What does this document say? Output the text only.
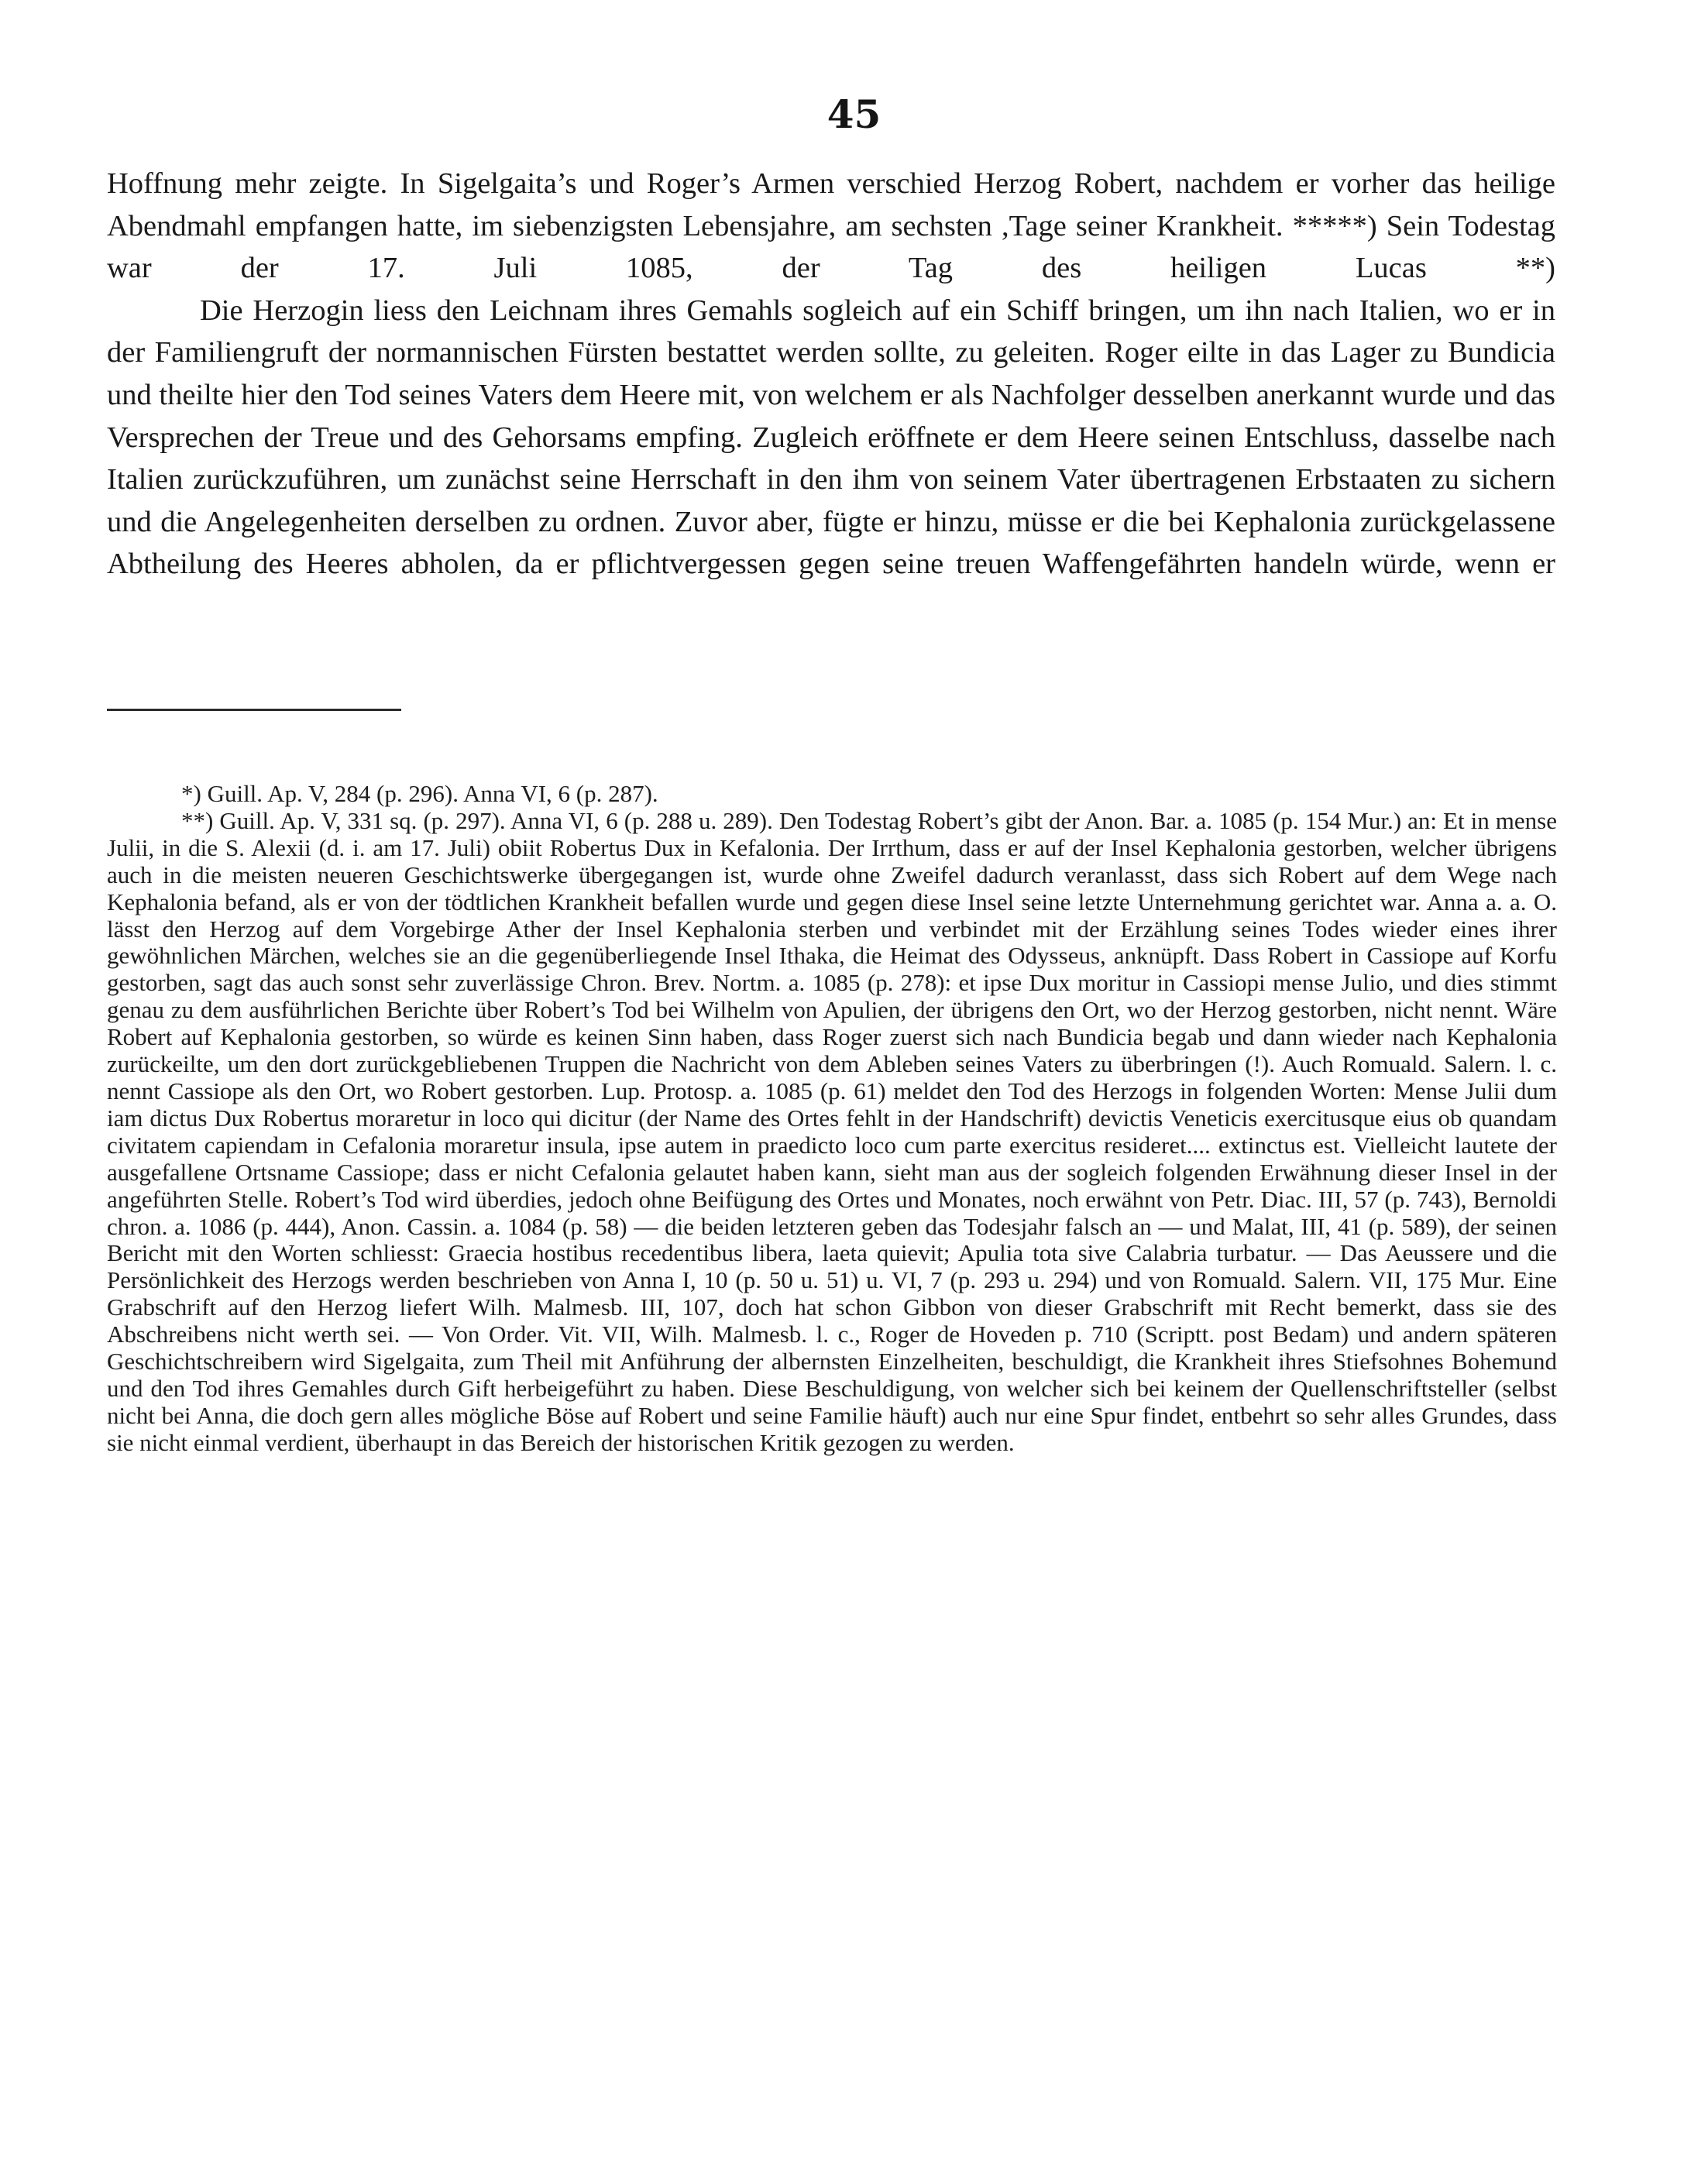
45

Hoffnung mehr zeigte. In Sigelgaita’s und Roger’s Armen verschied Herzog Robert, nachdem er vorher das heilige Abendmahl empfangen hatte, im siebenzigsten Lebensjahre, am sechsten ,Tage seiner Krankheit. *****) Sein Todestag war der 17. Juli 1085, der Tag des heiligen Lucas **)

Die Herzogin liess den Leichnam ihres Gemahls sogleich auf ein Schiff bringen, um ihn nach Italien, wo er in der Familiengruft der normannischen Fürsten bestattet werden sollte, zu geleiten. Roger eilte in das Lager zu Bundicia und theilte hier den Tod seines Vaters dem Heere mit, von welchem er als Nachfolger desselben anerkannt wurde und das Versprechen der Treue und des Gehorsams empfing. Zugleich eröffnete er dem Heere seinen Entschluss, dasselbe nach Italien zurückzuführen, um zunächst seine Herrschaft in den ihm von seinem Vater übertragenen Erbstaaten zu sichern und die Angelegenheiten derselben zu ordnen. Zuvor aber, fügte er hinzu, müsse er die bei Kephalonia zurückgelassene Abtheilung des Heeres abholen, da er pflichtvergessen gegen seine treuen Waffengefährten handeln würde, wenn er

*) Guill. Ap. V, 284 (p. 296). Anna VI, 6 (p. 287).

**) Guill. Ap. V, 331 sq. (p. 297). Anna VI, 6 (p. 288 u. 289). Den Todestag Robert’s gibt der Anon. Bar. a. 1085 (p. 154 Mur.) an: Et in mense Julii, in die S. Alexii (d. i. am 17. Juli) obiit Robertus Dux in Kefalonia. Der Irrthum, dass er auf der Insel Kephalonia gestorben, welcher übrigens auch in die meisten neueren Geschichtswerke übergegangen ist, wurde ohne Zweifel dadurch veranlasst, dass sich Robert auf dem Wege nach Kephalonia befand, als er von der tödtlichen Krankheit befallen wurde und gegen diese Insel seine letzte Unternehmung gerichtet war. Anna a. a. O. lässt den Herzog auf dem Vorgebirge Ather der Insel Kephalonia sterben und verbindet mit der Erzählung seines Todes wieder eines ihrer gewöhnlichen Märchen, welches sie an die gegenüberliegende Insel Ithaka, die Heimat des Odysseus, anknüpft. Dass Robert in Cassiope auf Korfu gestorben, sagt das auch sonst sehr zuverlässige Chron. Brev. Nortm. a. 1085 (p. 278): et ipse Dux moritur in Cassiopi mense Julio, und dies stimmt genau zu dem ausführlichen Berichte über Robert’s Tod bei Wilhelm von Apulien, der übrigens den Ort, wo der Herzog gestorben, nicht nennt. Wäre Robert auf Kephalonia gestorben, so würde es keinen Sinn haben, dass Roger zuerst sich nach Bundicia begab und dann wieder nach Kephalonia zurückeilte, um den dort zurückgebliebenen Truppen die Nachricht von dem Ableben seines Vaters zu überbringen (!). Auch Romuald. Salern. l. c. nennt Cassiope als den Ort, wo Robert gestorben. Lup. Protosp. a. 1085 (p. 61) meldet den Tod des Herzogs in folgenden Worten: Mense Julii dum iam dictus Dux Robertus moraretur in loco qui dicitur (der Name des Ortes fehlt in der Handschrift) devictis Veneticis exercitusque eius ob quandam civitatem capiendam in Cefalonia moraretur insula, ipse autem in praedicto loco cum parte exercitus resideret.... extinctus est. Vielleicht lautete der ausgefallene Ortsname Cassiope; dass er nicht Cefalonia gelautet haben kann, sieht man aus der sogleich folgenden Erwähnung dieser Insel in der angeführten Stelle. Robert’s Tod wird überdies, jedoch ohne Beifügung des Ortes und Monates, noch erwähnt von Petr. Diac. III, 57 (p. 743), Bernoldi chron. a. 1086 (p. 444), Anon. Cassin. a. 1084 (p. 58) — die beiden letzteren geben das Todesjahr falsch an — und Malat, III, 41 (p. 589), der seinen Bericht mit den Worten schliesst: Graecia hostibus recedentibus libera, laeta quievit; Apulia tota sive Calabria turbatur. — Das Aeussere und die Persönlichkeit des Herzogs werden beschrieben von Anna I, 10 (p. 50 u. 51) u. VI, 7 (p. 293 u. 294) und von Romuald. Salern. VII, 175 Mur. Eine Grabschrift auf den Herzog liefert Wilh. Malmesb. III, 107, doch hat schon Gibbon von dieser Grabschrift mit Recht bemerkt, dass sie des Abschreibens nicht werth sei. — Von Order. Vit. VII, Wilh. Malmesb. l. c., Roger de Hoveden p. 710 (Scriptt. post Bedam) und andern späteren Geschichtschreibern wird Sigelgaita, zum Theil mit Anführung der albernsten Einzelheiten, beschuldigt, die Krankheit ihres Stiefsohnes Bohemund und den Tod ihres Gemahles durch Gift herbeigeführt zu haben. Diese Beschuldigung, von welcher sich bei keinem der Quellenschriftsteller (selbst nicht bei Anna, die doch gern alles mögliche Böse auf Robert und seine Familie häuft) auch nur eine Spur findet, entbehrt so sehr alles Grundes, dass sie nicht einmal verdient, überhaupt in das Bereich der historischen Kritik gezogen zu werden.
